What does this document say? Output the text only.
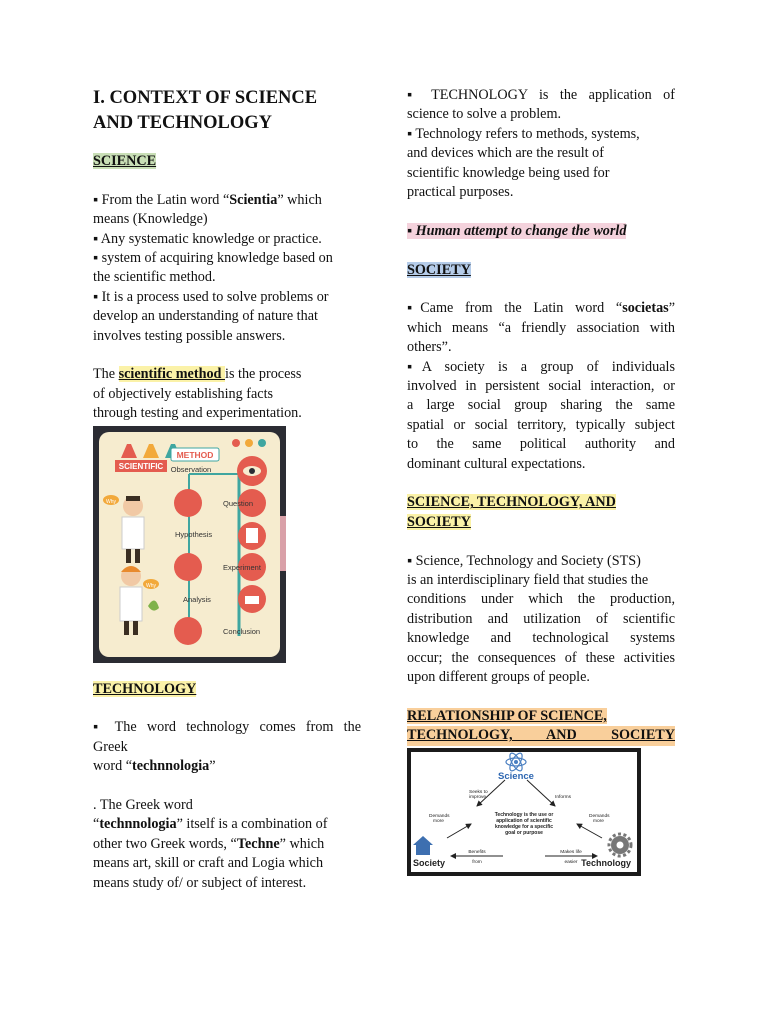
I. CONTEXT OF SCIENCE
AND TECHNOLOGY

SCIENCE

▪ From the Latin word “Scientia” which
means (Knowledge)

▪ Any systematic knowledge or practice.

▪ system of acquiring knowledge based on
the scientific method.

▪ It is a process used to solve problems or
develop an understanding of nature that
involves testing possible answers.

The scientific method is the process
of objectively establishing facts
through testing and experimentation.

SCIENTIFIC
METHOD
Observation
Question
Hypothesis
Experiment
Analysis
Conclusion
Why
Why

TECHNOLOGY

▪ The word technology comes from the

Greek

word “technnologia”

. The Greek word
“technnologia” itself is a combination of
other two Greek words, “Techne” which
means art, skill or craft and Logia which
means study of/ or subject of interest.

▪ TECHNOLOGY is the application of
science to solve a problem.

▪ Technology refers to methods, systems,
and devices which are the result of
scientific knowledge being used for
practical purposes.

▪ Human attempt to change the world

SOCIETY

▪Came from the Latin word “societas”
which means “a friendly association with
others”.

▪A society is a group of individuals
involved in persistent social interaction, or
a large social group sharing the same
spatial or social territory, typically subject
to the same political authority and
dominant cultural expectations.

SCIENCE, TECHNOLOGY, AND
SOCIETY

▪ Science, Technology and Society (STS)
is an interdisciplinary field that studies the

conditions under which the production,
distribution and utilization of scientific
knowledge and technological systems
occur; the consequences of these activities
upon different groups of people.

RELATIONSHIP OF SCIENCE,

TECHNOLOGY, AND SOCIETY

Science
Society	Technology
Technology is the use or
application of scientific
knowledge for a specific
goal or purpose
Seeks to
improve	Informs
Demands
more
Demands
more
Benefits
from
Makes life
easier
